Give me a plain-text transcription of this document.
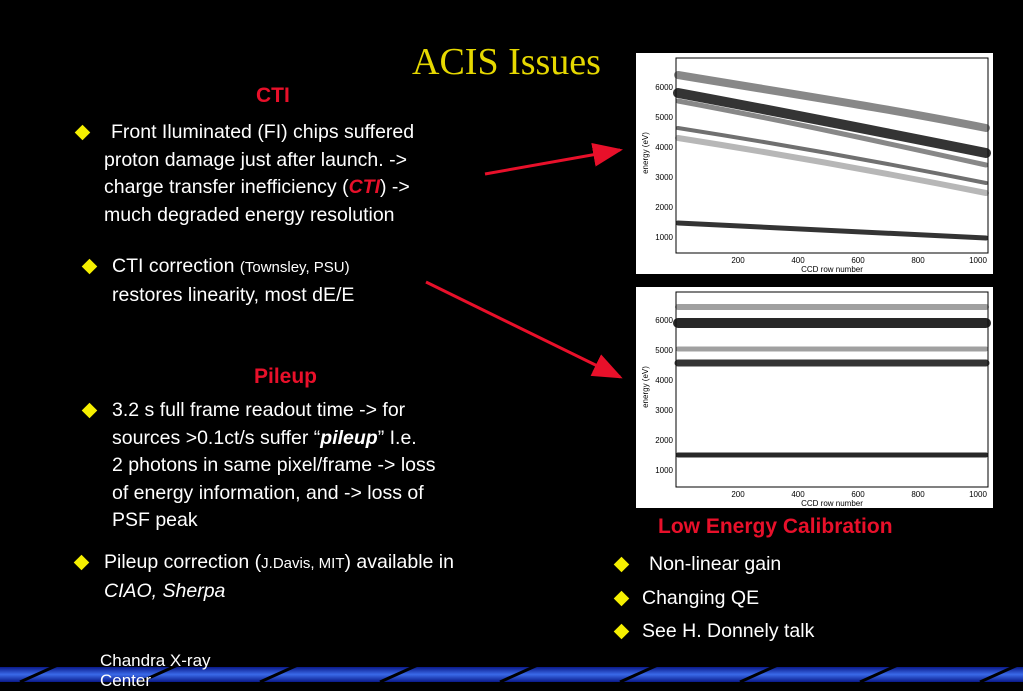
ACIS Issues
CTI
Front Iluminated (FI) chips suffered
proton damage just after launch. ->
charge transfer inefficiency (CTI) ->
much degraded energy resolution
CTI correction (Townsley, PSU)
restores linearity, most dE/E
Pileup
3.2 s full frame readout time -> for
sources >0.1ct/s suffer “pileup” I.e.
2 photons in same pixel/frame -> loss
of energy information, and -> loss of
PSF peak
Pileup correction (J.Davis, MIT) available in
CIAO, Sherpa
6000
5000
4000
3000
2000
1000
200	400	600	800	1000
CCD row number
energy (eV)
6000
5000
4000
3000
2000
1000
200	400	600	800	1000
CCD row number
energy (eV)
Low Energy Calibration
Non-linear gain
Changing QE
See H. Donnely talk
Chandra X-ray
Center
